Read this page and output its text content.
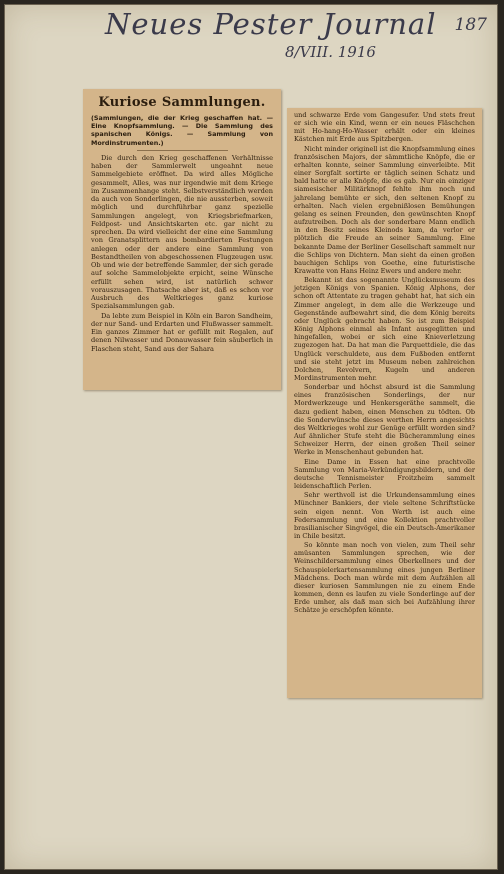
Neues Pester Journal
8/VIII. 1916
187
Kuriose Sammlungen.
(Sammlungen, die der Krieg geschaffen hat. — Eine Knopfsammlung. — Die Sammlung des spanischen Königs. — Sammlung von Mordinstrumenten.)

Die durch den Krieg geschaffenen Verhältnisse haben der Sammlerwelt ungeahnt neue Sammelgebiete eröffnet. Da wird alles Mögliche gesammelt, Alles, was nur irgendwie mit dem Kriege im Zusammenhange steht. Selbstverständlich werden da auch von Sonderlingen, die nie aussterben, soweit möglich und durchführbar ganz spezielle Sammlungen angelegt, von Kriegsbriefmarken, Feldpost- und Ansichtskarten etc. gar nicht zu sprechen. Da wird vielleicht der eine eine Sammlung von Granatsplittern aus bombardierten Festungen anlegen oder der andere eine Sammlung von Bestandtheilen von abgeschossenen Flugzeugen usw. Ob und wie der betreffende Sammler, der sich gerade auf solche Sammelobjekte erpicht, seine Wünsche erfüllt sehen wird, ist natürlich schwer vorauszusagen. Thatsache aber ist, daß es schon vor Ausbruch des Weltkrieges ganz kuriose Spezialsammlungen gab.

Da lebte zum Beispiel in Köln ein Baron Sandheim, der nur Sand- und Erdarten und Flußwasser sammelt. Ein ganzes Zimmer hat er gefüllt mit Regalen, auf denen Nilwasser und Donauwasser fein säuberlich in Flaschen steht, Sand aus der Sahara

und schwarze Erde vom Gangesufer. Und stets freut er sich wie ein Kind, wenn er ein neues Fläschchen mit Ho-hang-Ho-Wasser erhält oder ein kleines Kästchen mit Erde aus Spitzbergen.

Nicht minder originell ist die Knopfsammlung eines französischen Majors, der sämmtliche Knöpfe, die er erhalten konnte, seiner Sammlung einverleibte. Mit einer Sorgfalt sortirte er täglich seinen Schatz und bald hatte er alle Knöpfe, die es gab. Nur ein einziger siamesischer Militärknopf fehlte ihm noch und jahrelang bemühte er sich, den seltenen Knopf zu erhalten. Nach vielen ergebnißlosen Bemühungen gelang es seinen Freunden, den gewünschten Knopf aufzutreiben. Doch als der sonderbare Mann endlich in den Besitz seines Kleinods kam, da verlor er plötzlich die Freude an seiner Sammlung. Eine bekannte Dame der Berliner Gesellschaft sammelt nur die Schlips von Dichtern. Man sieht da einen großen bauchigen Schlips von Goethe, eine futuristische Krawatte von Hans Heinz Ewers und andere mehr.

Bekannt ist das sogenannte Unglücksmuseum des jetzigen Königs von Spanien. König Alphons, der schon oft Attentate zu tragen gehabt hat, hat sich ein Zimmer angelegt, in dem alle die Werkzeuge und Gegenstände aufbewahrt sind, die dem König bereits oder Unglück gebracht haben. So ist zum Beispiel König Alphons einmal als Infant ausgeglitten und hingefallen, wobei er sich eine Knieverletzung zugezogen hat. Da hat man die Parquettdiele, die das Unglück verschuldete, aus dem Fußboden entfernt und sie steht jetzt im Museum neben zahlreichen Dolchen, Revolvern, Kugeln und anderen Mordinstrumenten mehr.

Sonderbar und höchst absurd ist die Sammlung eines französischen Sonderlings, der nur Mordwerkzeuge und Henkersgeräthe sammelt, die dazu gedient haben, einen Menschen zu tödten. Ob die Sonderwünsche dieses werthen Herrn angesichts des Weltkrieges wohl zur Genüge erfüllt worden sind? Auf ähnlicher Stufe steht die Bücherammlung eines Schweizer Herrn, der einen großen Theil seiner Werke in Menschenhaut gebunden hat.

Eine Dame in Essen hat eine prachtvolle Sammlung von Maria-Verkündigungsbildern, und der deutsche Tennismeister Froitzheim sammelt leidenschaftlich Perlen.

Sehr werthvoll ist die Urkundensammlung eines Münchner Bankiers, der viele seltene Schriftstücke sein eigen nennt. Von Werth ist auch eine Federsammlung und eine Kollektion prachtvoller brasilianischer Singvögel, die ein Deutsch-Amerikaner in Chile besitzt.

So könnte man noch von vielen, zum Theil sehr amüsanten Sammlungen sprechen, wie der Weinschildersammlung eines Oberkellners und der Schauspielerkartensammlung eines jungen Berliner Mädchens. Doch man würde mit dem Aufzählen all dieser kuriosen Sammlungen nie zu einem Ende kommen, denn es laufen zu viele Sonderlinge auf der Erde umher, als daß man sich bei Aufzählung ihrer Schätze je erschöpfen könnte.
